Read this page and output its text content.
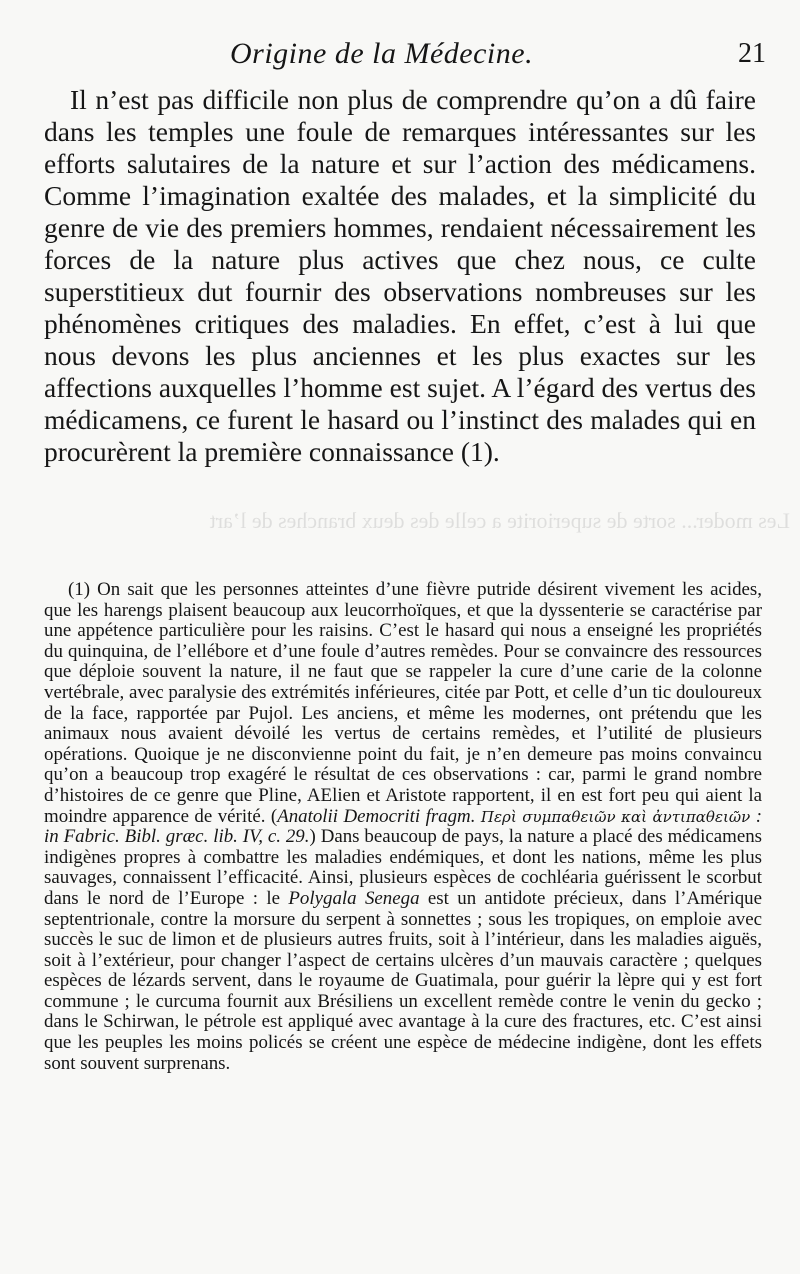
Origine de la Médecine.	21

Il n’est pas difficile non plus de comprendre qu’on a dû faire dans les temples une foule de remarques intéressantes sur les efforts salutaires de la nature et sur l’action des médicamens. Comme l’imagination exaltée des malades, et la simplicité du genre de vie des premiers hommes, rendaient nécessairement les forces de la nature plus actives que chez nous, ce culte superstitieux dut fournir des observations nombreuses sur les phénomènes critiques des maladies. En effet, c’est à lui que nous devons les plus anciennes et les plus exactes sur les affections auxquelles l’homme est sujet. A l’égard des vertus des médicamens, ce furent le hasard ou l’instinct des malades qui en procurèrent la première connaissance (1).

Les moder... sorte de superiorite a celle des deux branches de l’art

(1) On sait que les personnes atteintes d’une fièvre putride désirent vivement les acides, que les harengs plaisent beaucoup aux leucorrhoïques, et que la dyssenterie se caractérise par une appétence particulière pour les raisins. C’est le hasard qui nous a enseigné les propriétés du quinquina, de l’ellébore et d’une foule d’autres remèdes. Pour se convaincre des ressources que déploie souvent la nature, il ne faut que se rappeler la cure d’une carie de la colonne vertébrale, avec paralysie des extrémités inférieures, citée par Pott, et celle d’un tic douloureux de la face, rapportée par Pujol. Les anciens, et même les modernes, ont prétendu que les animaux nous avaient dévoilé les vertus de certains remèdes, et l’utilité de plusieurs opérations. Quoique je ne disconvienne point du fait, je n’en demeure pas moins convaincu qu’on a beaucoup trop exagéré le résultat de ces observations : car, parmi le grand nombre d’histoires de ce genre que Pline, AElien et Aristote rapportent, il en est fort peu qui aient la moindre apparence de vérité. (Anatolii Democriti fragm. Περὶ συμπαθειῶν καὶ ἀντιπαθειῶν : in Fabric. Bibl. græc. lib. IV, c. 29.) Dans beaucoup de pays, la nature a placé des médicamens indigènes propres à combattre les maladies endémiques, et dont les nations, même les plus sauvages, connaissent l’efficacité. Ainsi, plusieurs espèces de cochléaria guérissent le scorbut dans le nord de l’Europe : le Polygala Senega est un antidote précieux, dans l’Amérique septentrionale, contre la morsure du serpent à sonnettes ; sous les tropiques, on emploie avec succès le suc de limon et de plusieurs autres fruits, soit à l’intérieur, dans les maladies aiguës, soit à l’extérieur, pour changer l’aspect de certains ulcères d’un mauvais caractère ; quelques espèces de lézards servent, dans le royaume de Guatimala, pour guérir la lèpre qui y est fort commune ; le curcuma fournit aux Brésiliens un excellent remède contre le venin du gecko ; dans le Schirwan, le pétrole est appliqué avec avantage à la cure des fractures, etc. C’est ainsi que les peuples les moins policés se créent une espèce de médecine indigène, dont les effets sont souvent surprenans.
